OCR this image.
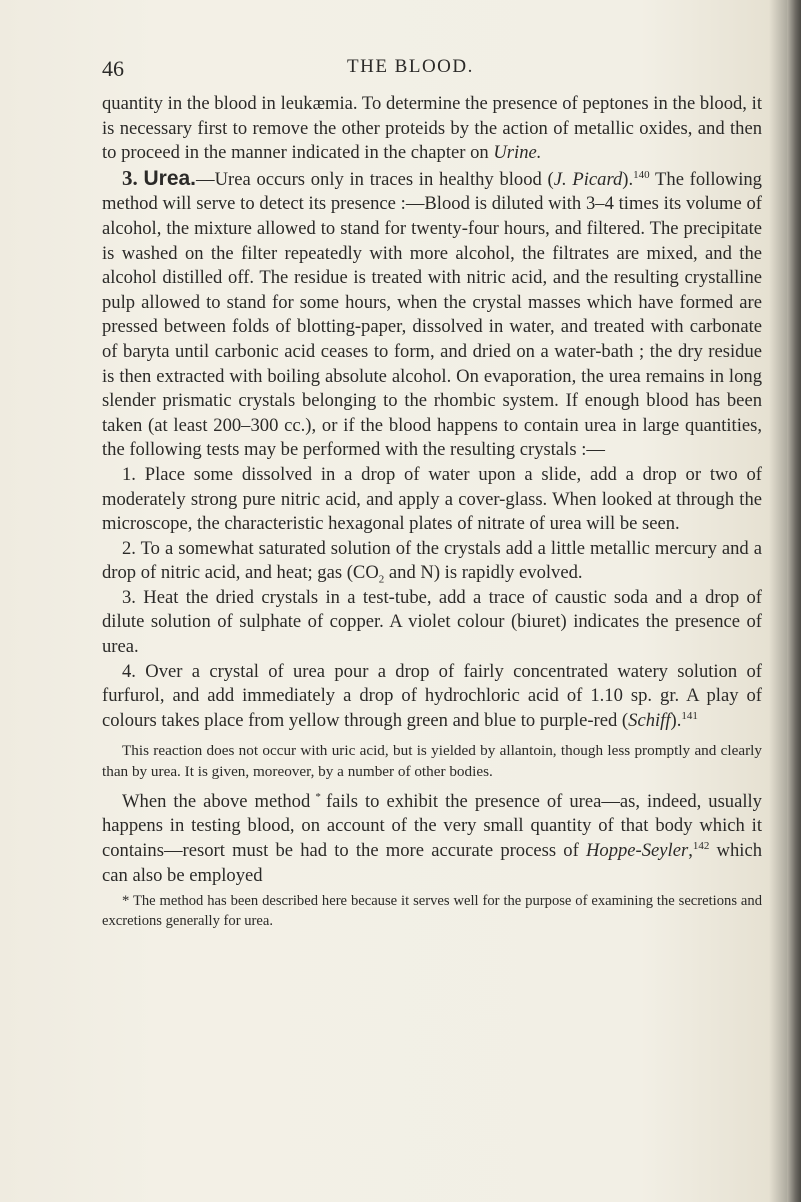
46	THE BLOOD.

quantity in the blood in leukæmia. To determine the presence of peptones in the blood, it is necessary first to remove the other proteids by the action of metallic oxides, and then to proceed in the manner indicated in the chapter on Urine.

3. Urea.—Urea occurs only in traces in healthy blood (J. Picard).$^{140}$ The following method will serve to detect its presence :—Blood is diluted with 3–4 times its volume of alcohol, the mixture allowed to stand for twenty-four hours, and filtered. The precipitate is washed on the filter repeatedly with more alcohol, the filtrates are mixed, and the alcohol distilled off. The residue is treated with nitric acid, and the resulting crystalline pulp allowed to stand for some hours, when the crystal masses which have formed are pressed between folds of blotting-paper, dissolved in water, and treated with carbonate of baryta until carbonic acid ceases to form, and dried on a water-bath ; the dry residue is then extracted with boiling absolute alcohol. On evaporation, the urea remains in long slender prismatic crystals belonging to the rhombic system. If enough blood has been taken (at least 200–300 cc.), or if the blood happens to contain urea in large quantities, the following tests may be performed with the resulting crystals :—

1. Place some dissolved in a drop of water upon a slide, add a drop or two of moderately strong pure nitric acid, and apply a cover-glass. When looked at through the microscope, the characteristic hexagonal plates of nitrate of urea will be seen.

2. To a somewhat saturated solution of the crystals add a little metallic mercury and a drop of nitric acid, and heat; gas ($CO_2$ and N) is rapidly evolved.

3. Heat the dried crystals in a test-tube, add a trace of caustic soda and a drop of dilute solution of sulphate of copper. A violet colour (biuret) indicates the presence of urea.

4. Over a crystal of urea pour a drop of fairly concentrated watery solution of furfurol, and add immediately a drop of hydrochloric acid of 1.10 sp. gr. A play of colours takes place from yellow through green and blue to purple-red (Schiff).$^{141}$

This reaction does not occur with uric acid, but is yielded by allantoin, though less promptly and clearly than by urea. It is given, moreover, by a number of other bodies.

When the above method * fails to exhibit the presence of urea—as, indeed, usually happens in testing blood, on account of the very small quantity of that body which it contains—resort must be had to the more accurate process of Hoppe-Seyler,$^{142}$ which can also be employed

* The method has been described here because it serves well for the purpose of examining the secretions and excretions generally for urea.
